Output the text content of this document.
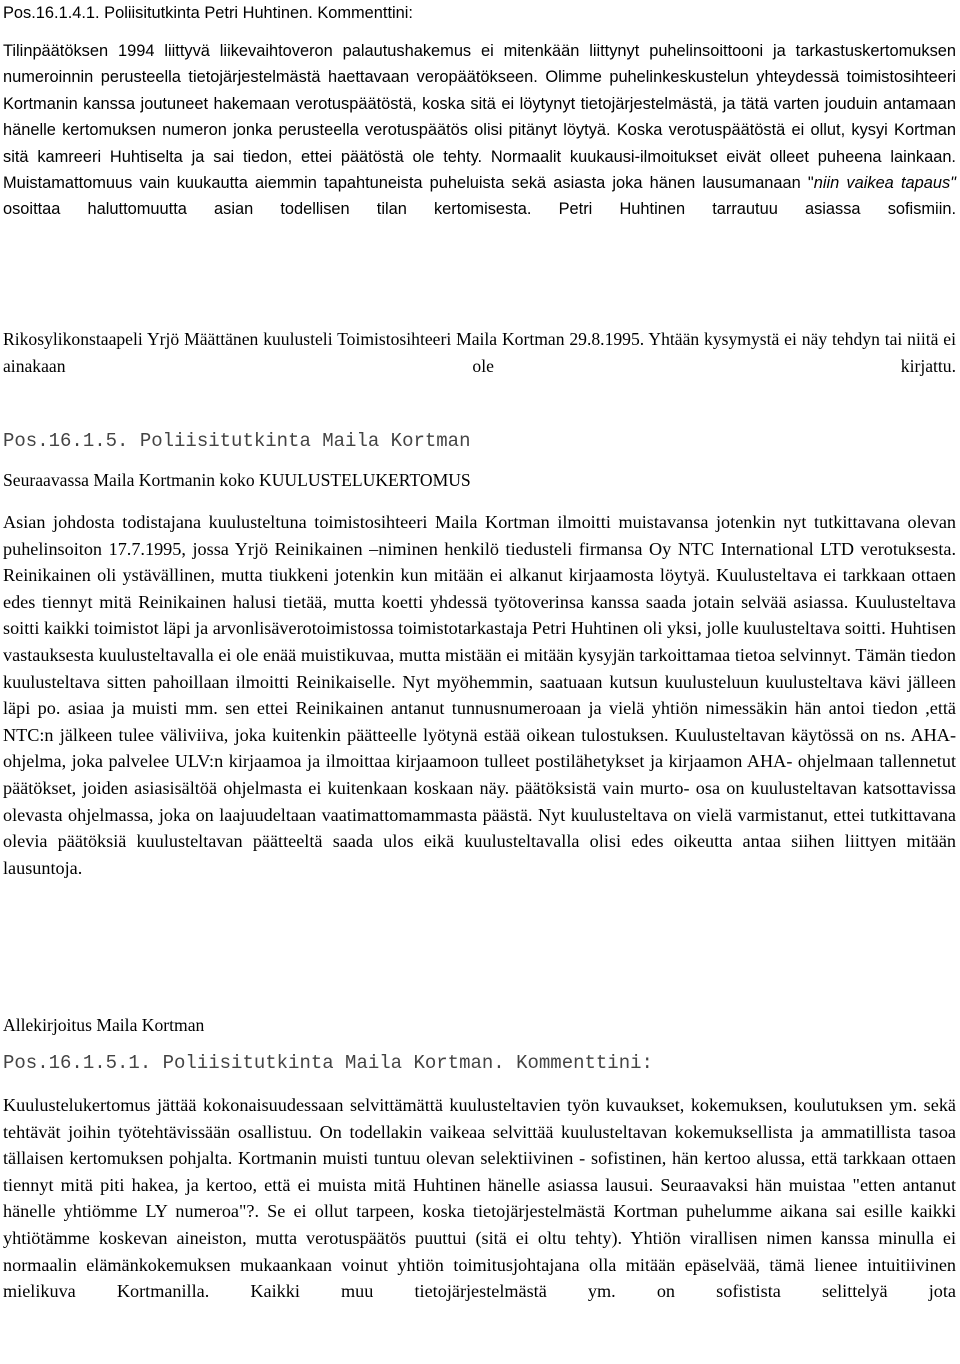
Pos.16.1.4.1. Poliisitutkinta Petri Huhtinen. Kommenttini:

Tilinpäätöksen 1994 liittyvä liikevaihtoveron palautushakemus ei mitenkään liittynyt puhelinsoittooni ja tarkastuskertomuksen numeroinnin perusteella tietojärjestelmästä haettavaan veropäätökseen. Olimme puhelinkeskustelun yhteydessä toimistosihteeri Kortmanin kanssa joutuneet hakemaan verotuspäätöstä, koska sitä ei löytynyt tietojärjestelmästä, ja tätä varten jouduin antamaan hänelle kertomuksen numeron jonka perusteella verotuspäätös olisi pitänyt löytyä. Koska verotuspäätöstä ei ollut, kysyi Kortman sitä kamreeri Huhtiselta ja sai tiedon, ettei päätöstä ole tehty. Normaalit kuukausi-ilmoitukset eivät olleet puheena lainkaan. Muistamattomuus vain kuukautta aiemmin tapahtuneista puheluista sekä asiasta joka hänen lausumanaan "niin vaikea tapaus" osoittaa haluttomuutta asian todellisen tilan kertomisesta. Petri Huhtinen tarrautuu asiassa sofismiin.

Rikosylikonstaapeli Yrjö Määttänen kuulusteli Toimistosihteeri Maila Kortman 29.8.1995. Yhtään kysymystä ei näy tehdyn tai niitä ei ainakaan ole kirjattu.

Pos.16.1.5. Poliisitutkinta Maila Kortman
Seuraavassa Maila Kortmanin koko KUULUSTELUKERTOMUS

Asian johdosta todistajana kuulusteltuna toimistosihteeri Maila Kortman ilmoitti muistavansa jotenkin nyt tutkittavana olevan puhelinsoiton 17.7.1995, jossa Yrjö Reinikainen –niminen henkilö tiedusteli firmansa Oy NTC International LTD verotuksesta. Reinikainen oli ystävällinen, mutta tiukkeni jotenkin kun mitään ei alkanut kirjaamosta löytyä. Kuulusteltava ei tarkkaan ottaen edes tiennyt mitä Reinikainen halusi tietää, mutta koetti yhdessä työtoverinsa kanssa saada jotain selvää asiassa. Kuulusteltava soitti kaikki toimistot läpi ja arvonlisäverotoimistossa toimistotarkastaja Petri Huhtinen oli yksi, jolle kuulusteltava soitti. Huhtisen vastauksesta kuulusteltavalla ei ole enää muistikuvaa, mutta mistään ei mitään kysyjän tarkoittamaa tietoa selvinnyt. Tämän tiedon kuulusteltava sitten pahoillaan ilmoitti Reinikaiselle. Nyt myöhemmin, saatuaan kutsun kuulusteluun kuulusteltava kävi jälleen läpi po. asiaa ja muisti mm. sen ettei Reinikainen antanut tunnusnumeroaan ja vielä yhtiön nimessäkin hän antoi tiedon ,että NTC:n jälkeen tulee väliviiva, joka kuitenkin päätteelle lyötynä estää oikean tulostuksen. Kuulusteltavan käytössä on ns. AHA-ohjelma, joka palvelee ULV:n kirjaamoa ja ilmoittaa kirjaamoon tulleet postilähetykset ja kirjaamon AHA- ohjelmaan tallennetut päätökset, joiden asiasisältöä ohjelmasta ei kuitenkaan koskaan näy. päätöksistä vain murto- osa on kuulusteltavan katsottavissa olevasta ohjelmassa, joka on laajuudeltaan vaatimattomammasta päästä. Nyt kuulusteltava on vielä varmistanut, ettei tutkittavana olevia päätöksiä kuulusteltavan päätteeltä saada ulos eikä kuulusteltavalla olisi edes oikeutta antaa siihen liittyen mitään lausuntoja.

Allekirjoitus Maila Kortman
Pos.16.1.5.1. Poliisitutkinta Maila Kortman. Kommenttini:

Kuulustelukertomus jättää kokonaisuudessaan selvittämättä kuulusteltavien työn kuvaukset, kokemuksen, koulutuksen ym. sekä tehtävät joihin työtehtävissään osallistuu. On todellakin vaikeaa selvittää kuulusteltavan kokemuksellista ja ammatillista tasoa tällaisen kertomuksen pohjalta. Kortmanin muisti tuntuu olevan selektiivinen - sofistinen, hän kertoo alussa, että tarkkaan ottaen tiennyt mitä piti hakea, ja kertoo, että ei muista mitä Huhtinen hänelle asiassa lausui. Seuraavaksi hän muistaa "etten antanut hänelle yhtiömme LY numeroa"?. Se ei ollut tarpeen, koska tietojärjestelmästä Kortman puhelumme aikana sai esille kaikki yhtiötämme koskevan aineiston, mutta verotuspäätös puuttui (sitä ei oltu tehty). Yhtiön virallisen nimen kanssa minulla ei normaalin elämänkokemuksen mukaankaan voinut yhtiön toimitusjohtajana olla mitään epäselvää, tämä lienee intuitiivinen mielikuva Kortmanilla. Kaikki muu tietojärjestelmästä ym. on sofistista selittelyä jota
